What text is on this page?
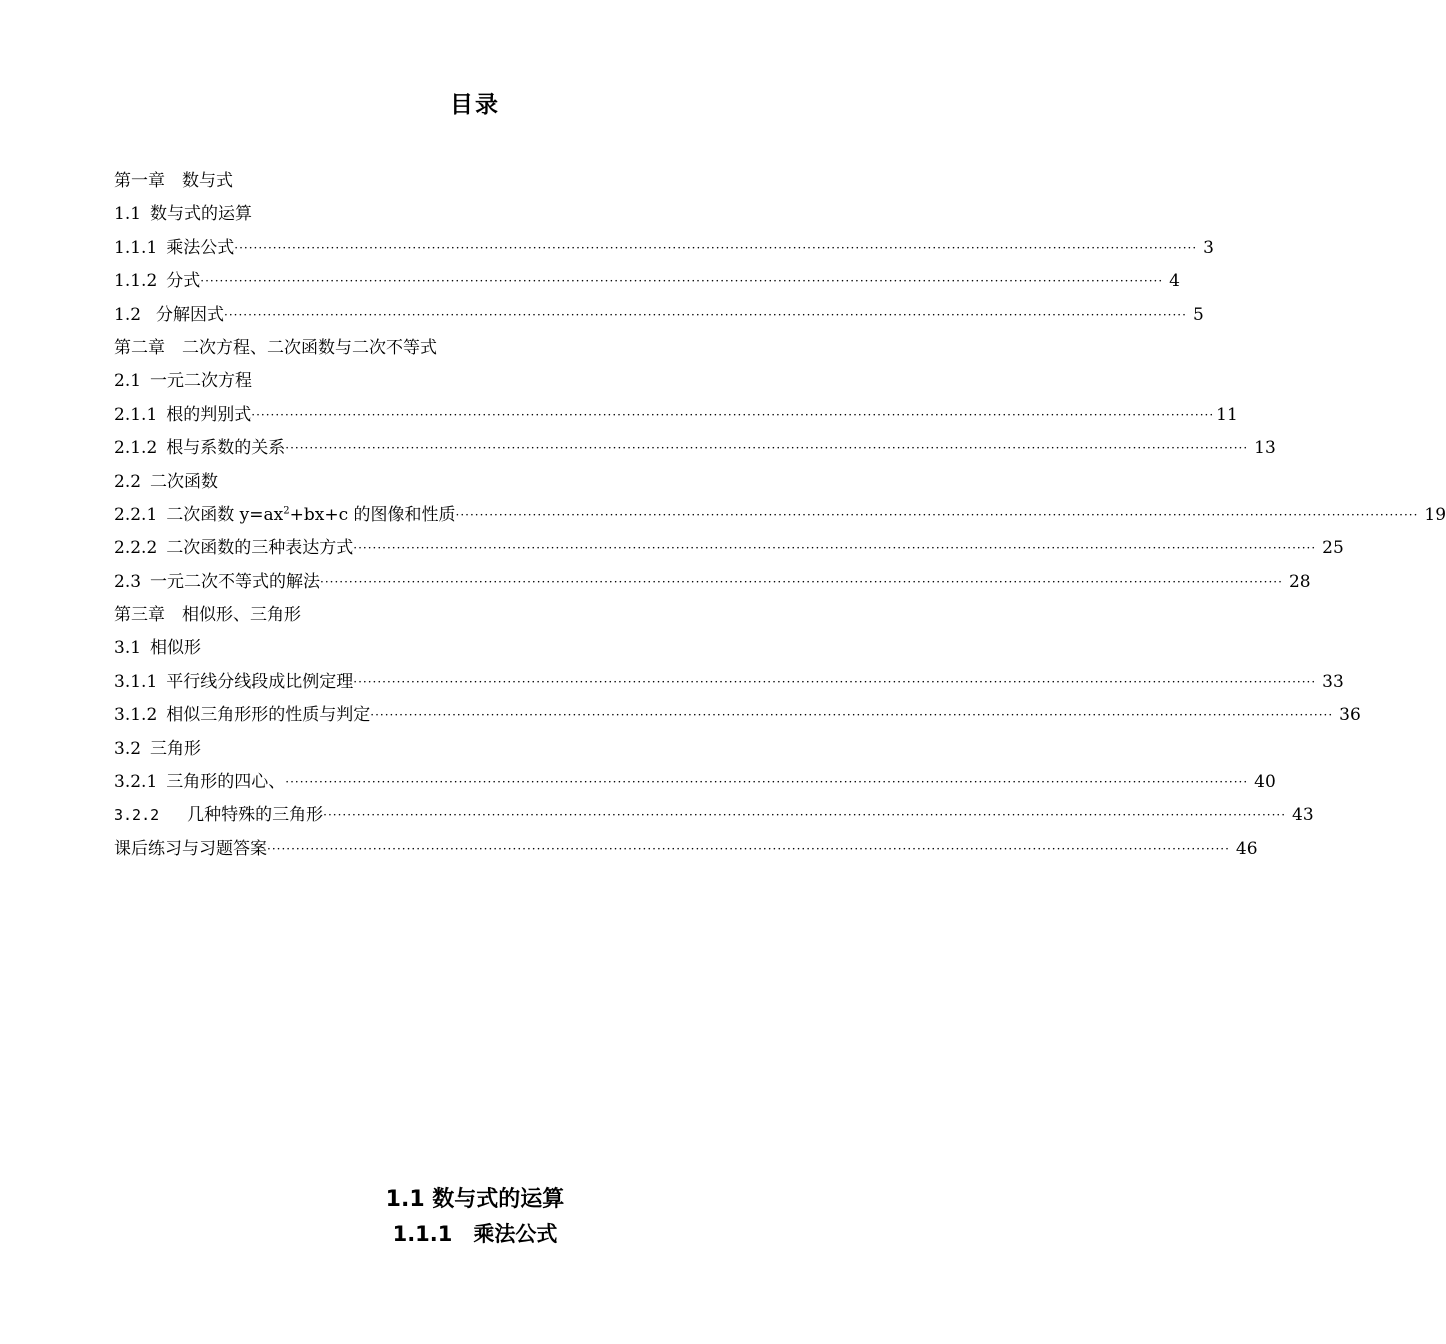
目录
第一章 数与式
1.1 数与式的运算
1.1.1 乘法公式 ········································································································································································································ 3
1.1.2 分式 ········································································································································································································ 4
1.2 分解因式 ········································································································································································································ 5
第二章 二次方程、二次函数与二次不等式
2.1 一元二次方程
2.1.1 根的判别式 ········································································································································································································ 11
2.1.2 根与系数的关系 ········································································································································································································ 13
2.2 二次函数
2.2.1 二次函数 $y=ax^2+bx+c$ 的图像和性质 ········································································································································································································ 19
2.2.2 二次函数的三种表达方式 ········································································································································································································ 25
2.3 一元二次不等式的解法 ········································································································································································································ 28
第三章 相似形、三角形
3.1 相似形
3.1.1 平行线分线段成比例定理 ········································································································································································································ 33
3.1.2 相似三角形形的性质与判定 ········································································································································································································ 36
3.2 三角形
3.2.1 三角形的四心、 ········································································································································································································ 40
3.2.2 几种特殊的三角形 ········································································································································································································ 43
课后练习与习题答案 ········································································································································································································ 46
1.1 数与式的运算
1.1.1　乘法公式
